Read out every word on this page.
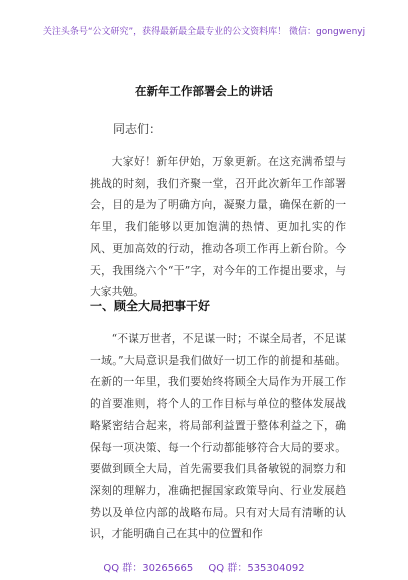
关注头条号“公文研究”，获得最新最全最专业的公文资料库！ 微信：gongwenyj
在新年工作部署会上的讲话
同志们：

大家好！新年伊始，万象更新。在这充满希望与挑战的时刻，我们齐聚一堂，召开此次新年工作部署会，目的是为了明确方向，凝聚力量，确保在新的一年里，我们能够以更加饱满的热情、更加扎实的作风、更加高效的行动，推动各项工作再上新台阶。今天，我围绕六个“干”字，对今年的工作提出要求，与大家共勉。

一、顾全大局把事干好

“不谋万世者，不足谋一时；不谋全局者，不足谋一域。”大局意识是我们做好一切工作的前提和基础。在新的一年里，我们要始终将顾全大局作为开展工作的首要准则，将个人的工作目标与单位的整体发展战略紧密结合起来，将局部利益置于整体利益之下，确保每一项决策、每一个行动都能够符合大局的要求。要做到顾全大局，首先需要我们具备敏锐的洞察力和深刻的理解力，准确把握国家政策导向、行业发展趋势以及单位内部的战略布局。只有对大局有清晰的认识，才能明确自己在其中的位置和作

QQ 群：30265665 QQ 群：535304092
